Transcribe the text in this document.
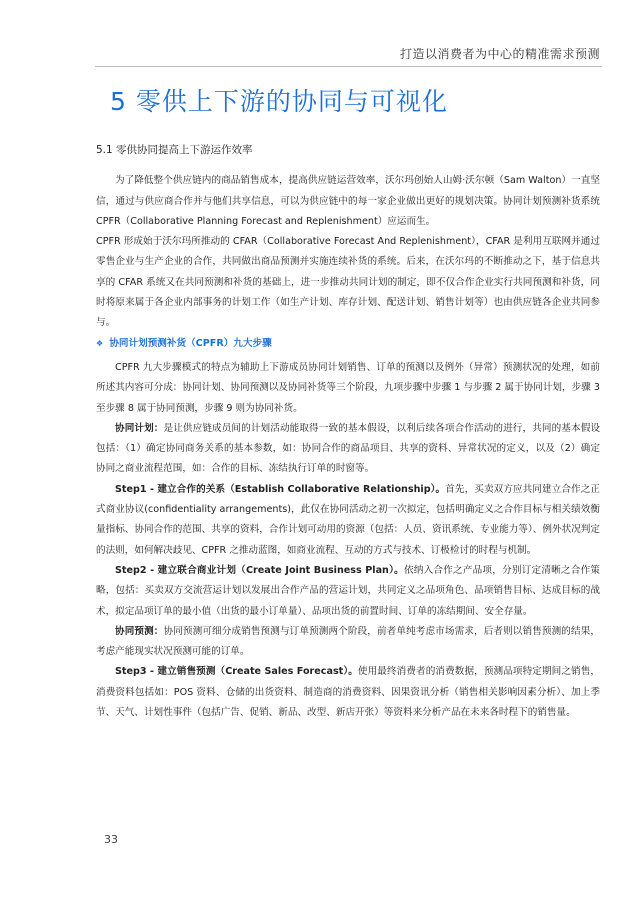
打造以消费者为中心的精准需求预测
5 零供上下游的协同与可视化
5.1 零供协同提高上下游运作效率

为了降低整个供应链内的商品销售成本，提高供应链运营效率，沃尔玛创始人山姆·沃尔顿（Sam Walton）一直坚信，通过与供应商合作并与他们共享信息，可以为供应链中的每一家企业做出更好的规划决策。协同计划预测补货系统 CPFR（Collaborative Planning Forecast and Replenishment）应运而生。

CPFR 形成始于沃尔玛所推动的 CFAR（Collaborative Forecast And Replenishment），CFAR 是利用互联网并通过零售企业与生产企业的合作，共同做出商品预测并实施连续补货的系统。后来，在沃尔玛的不断推动之下，基于信息共享的 CFAR 系统又在共同预测和补货的基础上，进一步推动共同计划的制定，即不仅合作企业实行共同预测和补货，同时将原来属于各企业内部事务的计划工作（如生产计划、库存计划、配送计划、销售计划等）也由供应链各企业共同参与。

❖ 协同计划预测补货（CPFR）九大步骤

CPFR 九大步骤模式的特点为辅助上下游成员协同计划销售、订单的预测以及例外（异常）预测状况的处理，如前所述其内容可分成：协同计划、协同预测以及协同补货等三个阶段，九项步骤中步骤 1 与步骤 2 属于协同计划，步骤 3 至步骤 8 属于协同预测，步骤 9 则为协同补货。

协同计划：是让供应链成员间的计划活动能取得一致的基本假设，以利后续各项合作活动的进行，共同的基本假设包括：（1）确定协同商务关系的基本参数，如：协同合作的商品项目、共享的资料、异常状况的定义，以及（2）确定协同之商业流程范围，如：合作的目标、冻结执行订单的时窗等。

Step1 - 建立合作的关系（Establish Collaborative Relationship）。首先，买卖双方应共同建立合作之正式商业协议(confidentiality arrangements)，此仅在协同活动之初一次拟定，包括明确定义之合作目标与相关绩效衡量指标、协同合作的范围、共享的资料，合作计划可动用的资源（包括：人员、资讯系统、专业能力等）、例外状况判定的法则，如何解决歧见、CPFR 之推动蓝图，如商业流程、互动的方式与技术、订极检讨的时程与机制。

Step2 - 建立联合商业计划（Create Joint Business Plan）。依纳入合作之产品项，分别订定清晰之合作策略，包括：买卖双方交流营运计划以发展出合作产品的营运计划，共同定义之品项角色、品项销售目标、达成目标的战术，拟定品项订单的最小值（出货的最小订单量）、品项出货的前置时间、订单的冻结期间、安全存量。

协同预测：协同预测可细分成销售预测与订单预测两个阶段，前者单纯考虑市场需求，后者则以销售预测的结果，考虑产能现实状况预测可能的订单。

Step3 - 建立销售预测（Create Sales Forecast）。使用最终消费者的消费数据，预测品项特定期间之销售，消费资料包括如：POS 资料、仓储的出货资料、制造商的消费资料、因果资讯分析（销售相关影响因素分析）、加上季节、天气、计划性事件（包括广告、促销、新品、改型、新店开张）等资料来分析产品在未来各时程下的销售量。

33
